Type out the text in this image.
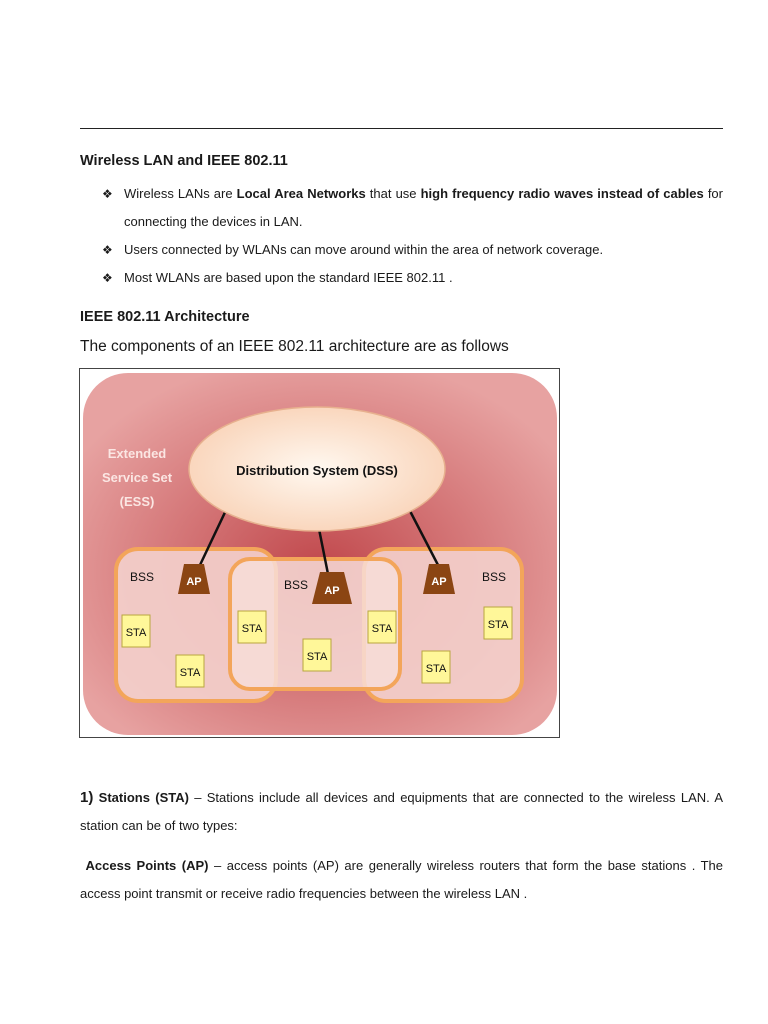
Wireless LAN and IEEE 802.11
❖ Wireless LANs are Local Area Networks that use high frequency radio waves instead of cables for connecting the devices in LAN.
❖ Users connected by WLANs can move around within the area of network coverage.
❖ Most WLANs are based upon the standard IEEE 802.11 .
IEEE 802.11 Architecture
The components of an IEEE 802.11 architecture are as follows
Extended
Service Set
(ESS)
Distribution System (DSS)
BSS
BSS
BSS
AP
AP
AP
STA
STA
STA
STA
STA
STA
STA
1) Stations (STA) – Stations include all devices and equipments that are connected to the wireless LAN. A station can be of two types:
Access Points (AP) – access points (AP) are generally wireless routers that form the base stations . The access point transmit or receive radio frequencies between the wireless LAN .
